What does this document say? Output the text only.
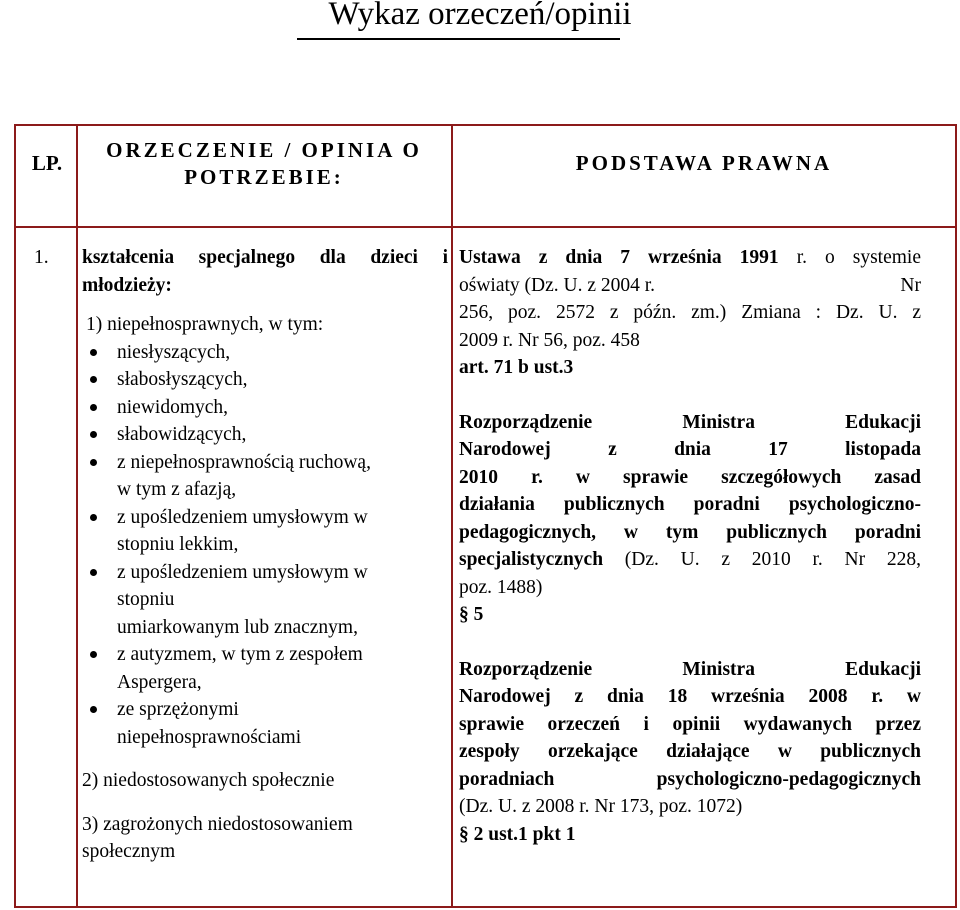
Wykaz orzeczeń/opinii
LP.
ORZECZENIE / OPINIA O
POTRZEBIE:
PODSTAWA PRAWNA
1. kształcenia specjalnego dla dzieci i
młodzieży:
1) niepełnosprawnych, w tym:
niesłyszących,
słabosłyszących,
niewidomych,
słabowidzących,
z niepełnosprawnością ruchową,
w tym z afazją,
z upośledzeniem umysłowym w
stopniu lekkim,
z upośledzeniem umysłowym w
stopniu
umiarkowanym lub znacznym,
z autyzmem, w tym z zespołem
Aspergera,
ze sprzężonymi
niepełnosprawnościami
2) niedostosowanych społecznie
3) zagrożonych niedostosowaniem
społecznym
Ustawa z dnia 7 września 1991 r. o systemie
oświaty (Dz. U. z 2004 r.	Nr
256, poz. 2572 z późn. zm.) Zmiana : Dz. U. z
2009 r. Nr 56, poz. 458
art. 71 b ust.3
Rozporządzenie Ministra Edukacji
Narodowej z dnia 17 listopada
2010 r. w sprawie szczegółowych zasad
działania publicznych poradni psychologiczno-
pedagogicznych, w tym publicznych poradni
specjalistycznych (Dz. U. z 2010 r. Nr 228,
poz. 1488)
§ 5
Rozporządzenie Ministra Edukacji
Narodowej z dnia 18 września 2008 r. w
sprawie orzeczeń i opinii wydawanych przez
zespoły orzekające działające w publicznych
poradniach psychologiczno-pedagogicznych
(Dz. U. z 2008 r. Nr 173, poz. 1072)
§ 2 ust.1 pkt 1
